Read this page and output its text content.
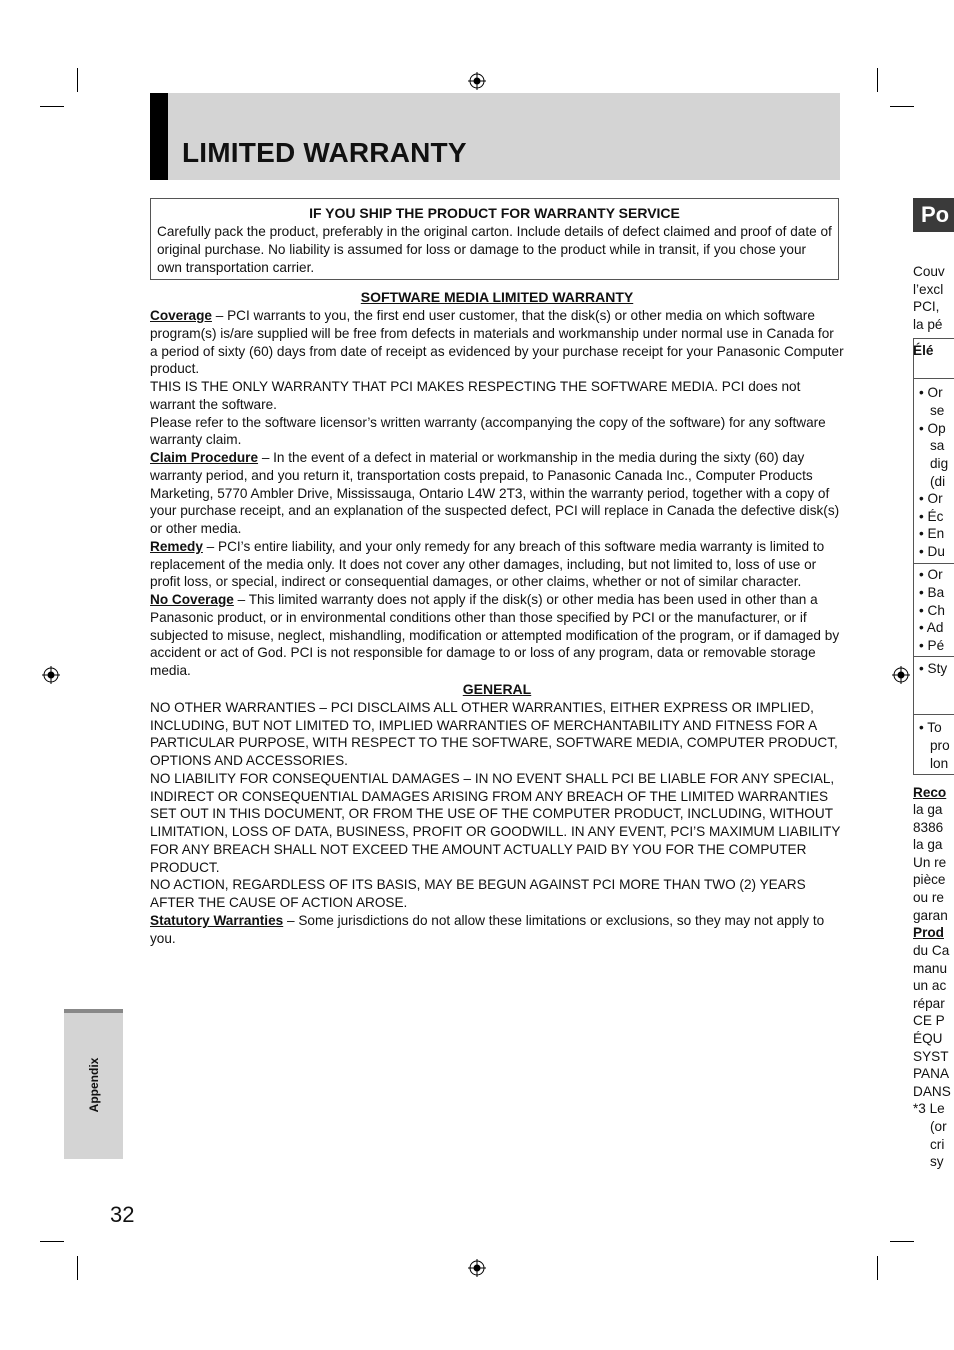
LIMITED WARRANTY
IF YOU SHIP THE PRODUCT FOR WARRANTY SERVICE

Carefully pack the product, preferably in the original carton. Include details of defect claimed and proof of date of original purchase. No liability is assumed for loss or damage to the product while in transit, if you chose your own transportation carrier.

SOFTWARE MEDIA LIMITED WARRANTY

Coverage – PCI warrants to you, the first end user customer, that the disk(s) or other media on which software program(s) is/are supplied will be free from defects in materials and workmanship under normal use in Canada for a period of sixty (60) days from date of receipt as evidenced by your purchase receipt for your Panasonic Computer product.

THIS IS THE ONLY WARRANTY THAT PCI MAKES RESPECTING THE SOFTWARE MEDIA. PCI does not warrant the software.

Please refer to the software licensor’s written warranty (accompanying the copy of the software) for any software warranty claim.

Claim Procedure – In the event of a defect in material or workmanship in the media during the sixty (60) day warranty period, and you return it, transportation costs prepaid, to Panasonic Canada Inc., Computer Products Marketing, 5770 Ambler Drive, Mississauga, Ontario L4W 2T3, within the warranty period, together with a copy of your purchase receipt, and an explanation of the suspected defect, PCI will replace in Canada the defective disk(s) or other media.

Remedy – PCI’s entire liability, and your only remedy for any breach of this software media warranty is limited to replacement of the media only. It does not cover any other damages, including, but not limited to, loss of use or profit loss, or special, indirect or consequential damages, or other claims, whether or not of similar character.

No Coverage – This limited warranty does not apply if the disk(s) or other media has been used in other than a Panasonic product, or in environmental conditions other than those specified by PCI or the manufacturer, or if subjected to misuse, neglect, mishandling, modification or attempted modification of the program, or if damaged by accident or act of God. PCI is not responsible for damage to or loss of any program, data or removable storage media.

GENERAL

NO OTHER WARRANTIES – PCI DISCLAIMS ALL OTHER WARRANTIES, EITHER EXPRESS OR IMPLIED, INCLUDING, BUT NOT LIMITED TO, IMPLIED WARRANTIES OF MERCHANTABILITY AND FITNESS FOR A PARTICULAR PURPOSE, WITH RESPECT TO THE SOFTWARE, SOFTWARE MEDIA, COMPUTER PRODUCT, OPTIONS AND ACCESSORIES.

NO LIABILITY FOR CONSEQUENTIAL DAMAGES – IN NO EVENT SHALL PCI BE LIABLE FOR ANY SPECIAL, INDIRECT OR CONSEQUENTIAL DAMAGES ARISING FROM ANY BREACH OF THE LIMITED WARRANTIES SET OUT IN THIS DOCUMENT, OR FROM THE USE OF THE COMPUTER PRODUCT, INCLUDING, WITHOUT LIMITATION, LOSS OF DATA, BUSINESS, PROFIT OR GOODWILL. IN ANY EVENT, PCI’S MAXIMUM LIABILITY FOR ANY BREACH SHALL NOT EXCEED THE AMOUNT ACTUALLY PAID BY YOU FOR THE COMPUTER PRODUCT.

NO ACTION, REGARDLESS OF ITS BASIS, MAY BE BEGUN AGAINST PCI MORE THAN TWO (2) YEARS AFTER THE CAUSE OF ACTION AROSE.

Statutory Warranties – Some jurisdictions do not allow these limitations or exclusions, so they may not apply to you.

Appendix
32
Po
Couv
l’excl
PCI,
la pé
Élé
• Or
se
• Op
sa
dig
(di
• Or
• Éc
• En
• Du
• Or
• Ba
• Ch
• Ad
• Pé
• Sty
• To
pro
lon
Reco
la ga
8386
la ga
Un re
pièce
ou re
garan
Prod
du Ca
manu
un ac
répar
CE P
ÉQU
SYST
PANA
DANS
*3 Le
(or
cri
sy
